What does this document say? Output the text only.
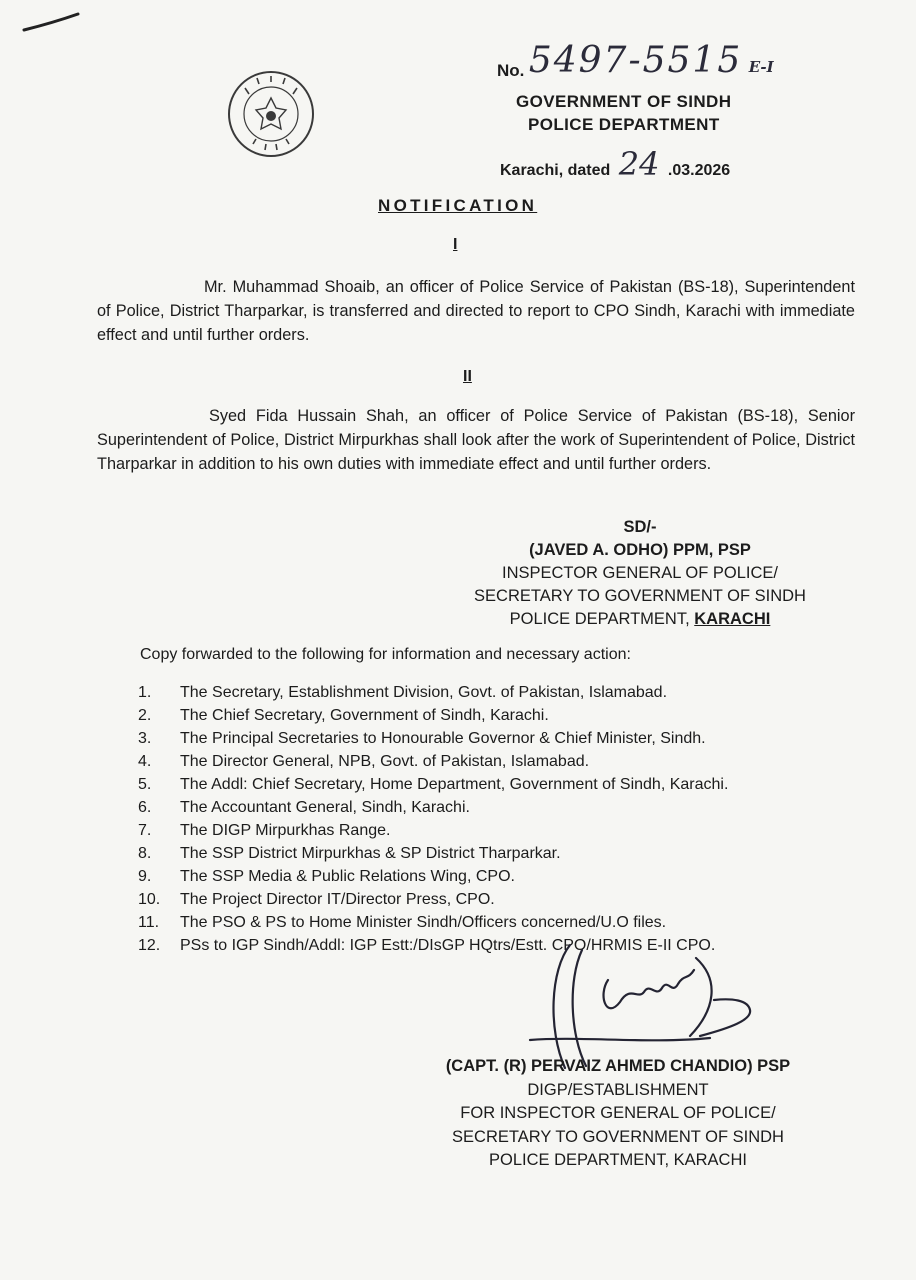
No. 5497-5515 E-I
GOVERNMENT OF SINDH
POLICE DEPARTMENT
Karachi, dated 24 .03.2026
NOTIFICATION
I
Mr. Muhammad Shoaib, an officer of Police Service of Pakistan (BS-18), Superintendent of Police, District Tharparkar, is transferred and directed to report to CPO Sindh, Karachi with immediate effect and until further orders.
II
Syed Fida Hussain Shah, an officer of Police Service of Pakistan (BS-18), Senior Superintendent of Police, District Mirpurkhas shall look after the work of Superintendent of Police, District Tharparkar in addition to his own duties with immediate effect and until further orders.
SD/-
(JAVED A. ODHO) PPM, PSP
INSPECTOR GENERAL OF POLICE/
SECRETARY TO GOVERNMENT OF SINDH
POLICE DEPARTMENT, KARACHI
Copy forwarded to the following for information and necessary action:
1. The Secretary, Establishment Division, Govt. of Pakistan, Islamabad.
2. The Chief Secretary, Government of Sindh, Karachi.
3. The Principal Secretaries to Honourable Governor & Chief Minister, Sindh.
4. The Director General, NPB, Govt. of Pakistan, Islamabad.
5. The Addl: Chief Secretary, Home Department, Government of Sindh, Karachi.
6. The Accountant General, Sindh, Karachi.
7. The DIGP Mirpurkhas Range.
8. The SSP District Mirpurkhas & SP District Tharparkar.
9. The SSP Media & Public Relations Wing, CPO.
10. The Project Director IT/Director Press, CPO.
11. The PSO & PS to Home Minister Sindh/Officers concerned/U.O files.
12. PSs to IGP Sindh/Addl: IGP Estt:/DIsGP HQtrs/Estt. CPO/HRMIS E-II CPO.
(CAPT. (R) PERVAIZ AHMED CHANDIO) PSP
DIGP/ESTABLISHMENT
FOR INSPECTOR GENERAL OF POLICE/
SECRETARY TO GOVERNMENT OF SINDH
POLICE DEPARTMENT, KARACHI
